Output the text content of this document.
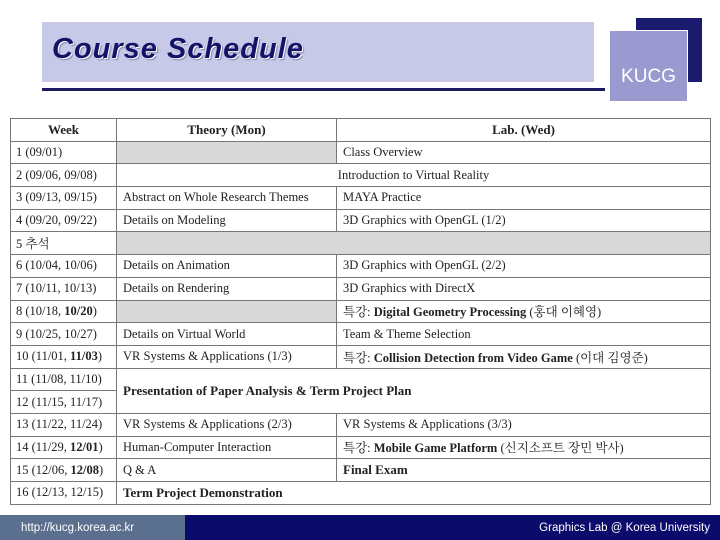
Course Schedule
KUCG
Week	Theory (Mon)	Lab. (Wed)
1 (09/01)		Class Overview
2 (09/06, 09/08)	Introduction to Virtual Reality	
3 (09/13, 09/15)	Abstract on Whole Research Themes	MAYA Practice
4 (09/20, 09/22)	Details on Modeling	3D Graphics with OpenGL (1/2)
5 추석		
6 (10/04, 10/06)	Details on Animation	3D Graphics with OpenGL (2/2)
7 (10/11, 10/13)	Details on Rendering	3D Graphics with DirectX
8 (10/18, 10/20)		특강: Digital Geometry Processing (홍대 이혜영)
9 (10/25, 10/27)	Details on Virtual World	Team & Theme Selection
10 (11/01, 11/03)	VR Systems & Applications (1/3)	특강: Collision Detection from Video Game (이대 김영준)
11 (11/08, 11/10)	Presentation of Paper Analysis & Term Project Plan	
12 (11/15, 11/17)		
13 (11/22, 11/24)	VR Systems & Applications (2/3)	VR Systems & Applications (3/3)
14 (11/29, 12/01)	Human-Computer Interaction	특강: Mobile Game Platform (신지소프트 장민 박사)
15 (12/06, 12/08)	Q & A	Final Exam
16 (12/13, 12/15)	Term Project Demonstration	
http://kucg.korea.ac.kr	Graphics Lab @ Korea University
